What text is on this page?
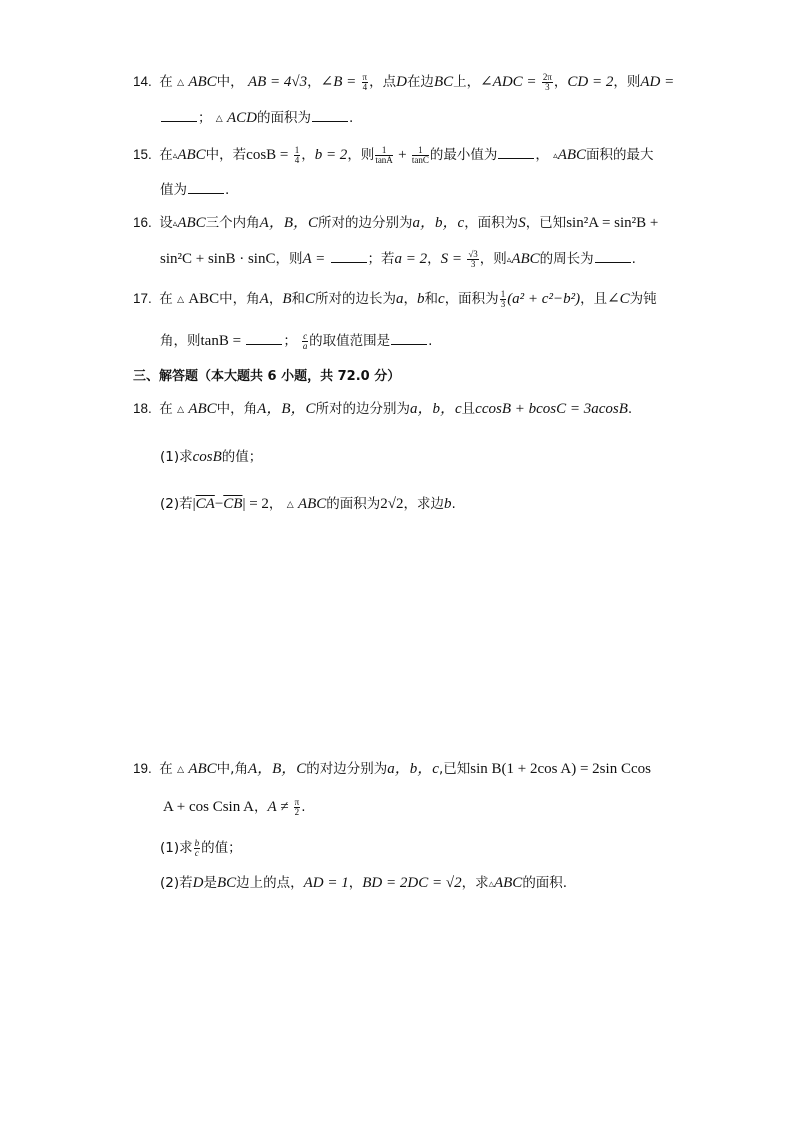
14. 在 △ ABC中， AB = 4√3，∠B = $\frac{\pi}{4}$ ，点D在边BC上，∠ADC = $\frac{2\pi}{3}$ ，CD = 2，则AD =
； △ ACD的面积为	.
15. 在▵ABC中，若$\cos B = \frac{1}{4}$ ，b = 2，则 $\frac{1}{\tan A} + \frac{1}{\tan C}$ 的最小值为	， ▵ABC面积的最大
值为	.
16. 设▵ABC三个内角A，B，C所对的边分别为a，b，c，面积为S，已知sin²A = sin²B +
sin²C + sinB · sinC，则A =	；若a = 2，$S = \frac{√3}{3}$ ，则▵ABC的周长为	.
17. 在 △ ABC中，角A，B和C所对的边长为a，b和c，面积为 $\frac{1}{3} (a^2 + c^2-b^2)$，且∠C为钝
角，则tanB =	； $\frac{c}{a}$ 的取值范围是	.
三、解答题（本大题共 6 小题，共 72.0 分）
18. 在 △ ABC中，角A，B，C所对的边分别为a，b，c且ccosB + bcosC = 3acosB.
(1)求cosB的值；
(2)若$|\overline{CA}-\overline{CB}| = 2$， △ ABC的面积为2√2，求边b.
19. 在 △ ABC中,角A，B，C的对边分别为a，b，c,已知sin B(1 + 2cos A) = 2sin Ccos
A + cos Csin A，$A \ne \frac{\pi}{2}$ .
(1)求 $\frac{b}{c}$ 的值；
(2)若D是BC边上的点，AD = 1，BD = 2DC = √2，求△ABC的面积.
